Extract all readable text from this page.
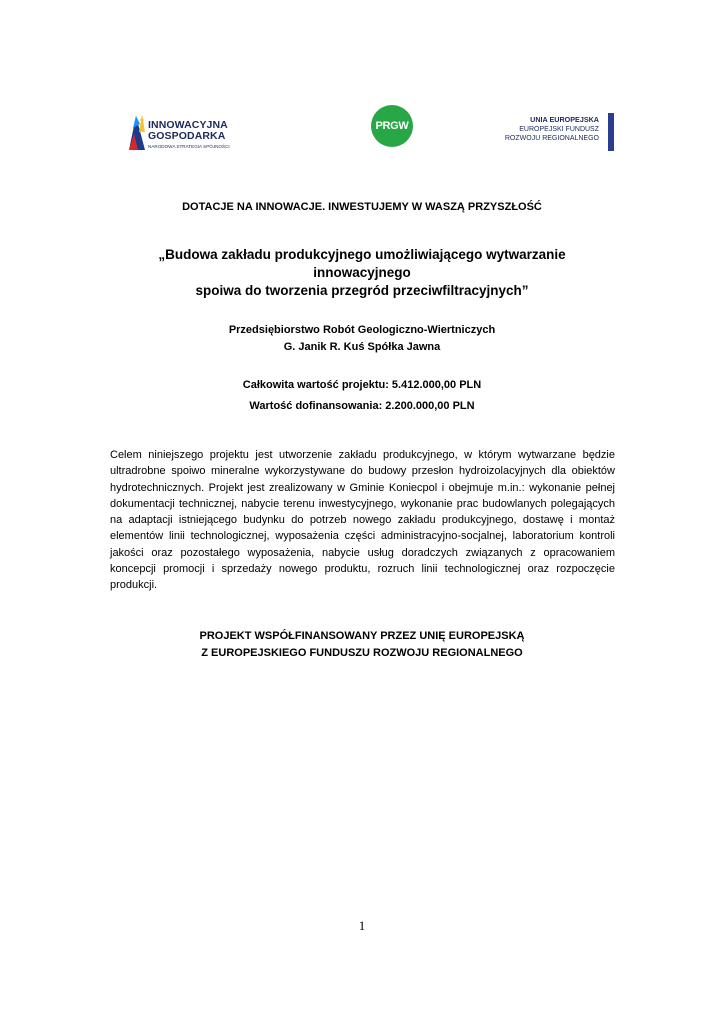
INNOWACYJNA
GOSPODARKA
NARODOWA STRATEGIA SPÓJNOŚCI
PRGW
UNIA EUROPEJSKA
EUROPEJSKI FUNDUSZ
ROZWOJU REGIONALNEGO
DOTACJE NA INNOWACJE. INWESTUJEMY W WASZĄ PRZYSZŁOŚĆ
„Budowa zakładu produkcyjnego umożliwiającego wytwarzanie
innowacyjnego
spoiwa do tworzenia przegród przeciwfiltracyjnych”
Przedsiębiorstwo Robót Geologiczno-Wiertniczych
G. Janik R. Kuś Spółka Jawna
Całkowita wartość projektu: 5.412.000,00 PLN
Wartość dofinansowania: 2.200.000,00 PLN
Celem niniejszego projektu jest utworzenie zakładu produkcyjnego, w którym wytwarzane będzie ultradrobne spoiwo mineralne wykorzystywane do budowy przesłon hydroizolacyjnych dla obiektów hydrotechnicznych. Projekt jest zrealizowany w Gminie Koniecpol i obejmuje m.in.: wykonanie pełnej dokumentacji technicznej, nabycie terenu inwestycyjnego, wykonanie prac budowlanych polegających na adaptacji istniejącego budynku do potrzeb nowego zakładu produkcyjnego, dostawę i montaż elementów linii technologicznej, wyposażenia części administracyjno-socjalnej, laboratorium kontroli jakości oraz pozostałego wyposażenia, nabycie usług doradczych związanych z opracowaniem koncepcji promocji i sprzedaży nowego produktu, rozruch linii technologicznej oraz rozpoczęcie produkcji.
PROJEKT WSPÓŁFINANSOWANY PRZEZ UNIĘ EUROPEJSKĄ
Z EUROPEJSKIEGO FUNDUSZU ROZWOJU REGIONALNEGO
1
